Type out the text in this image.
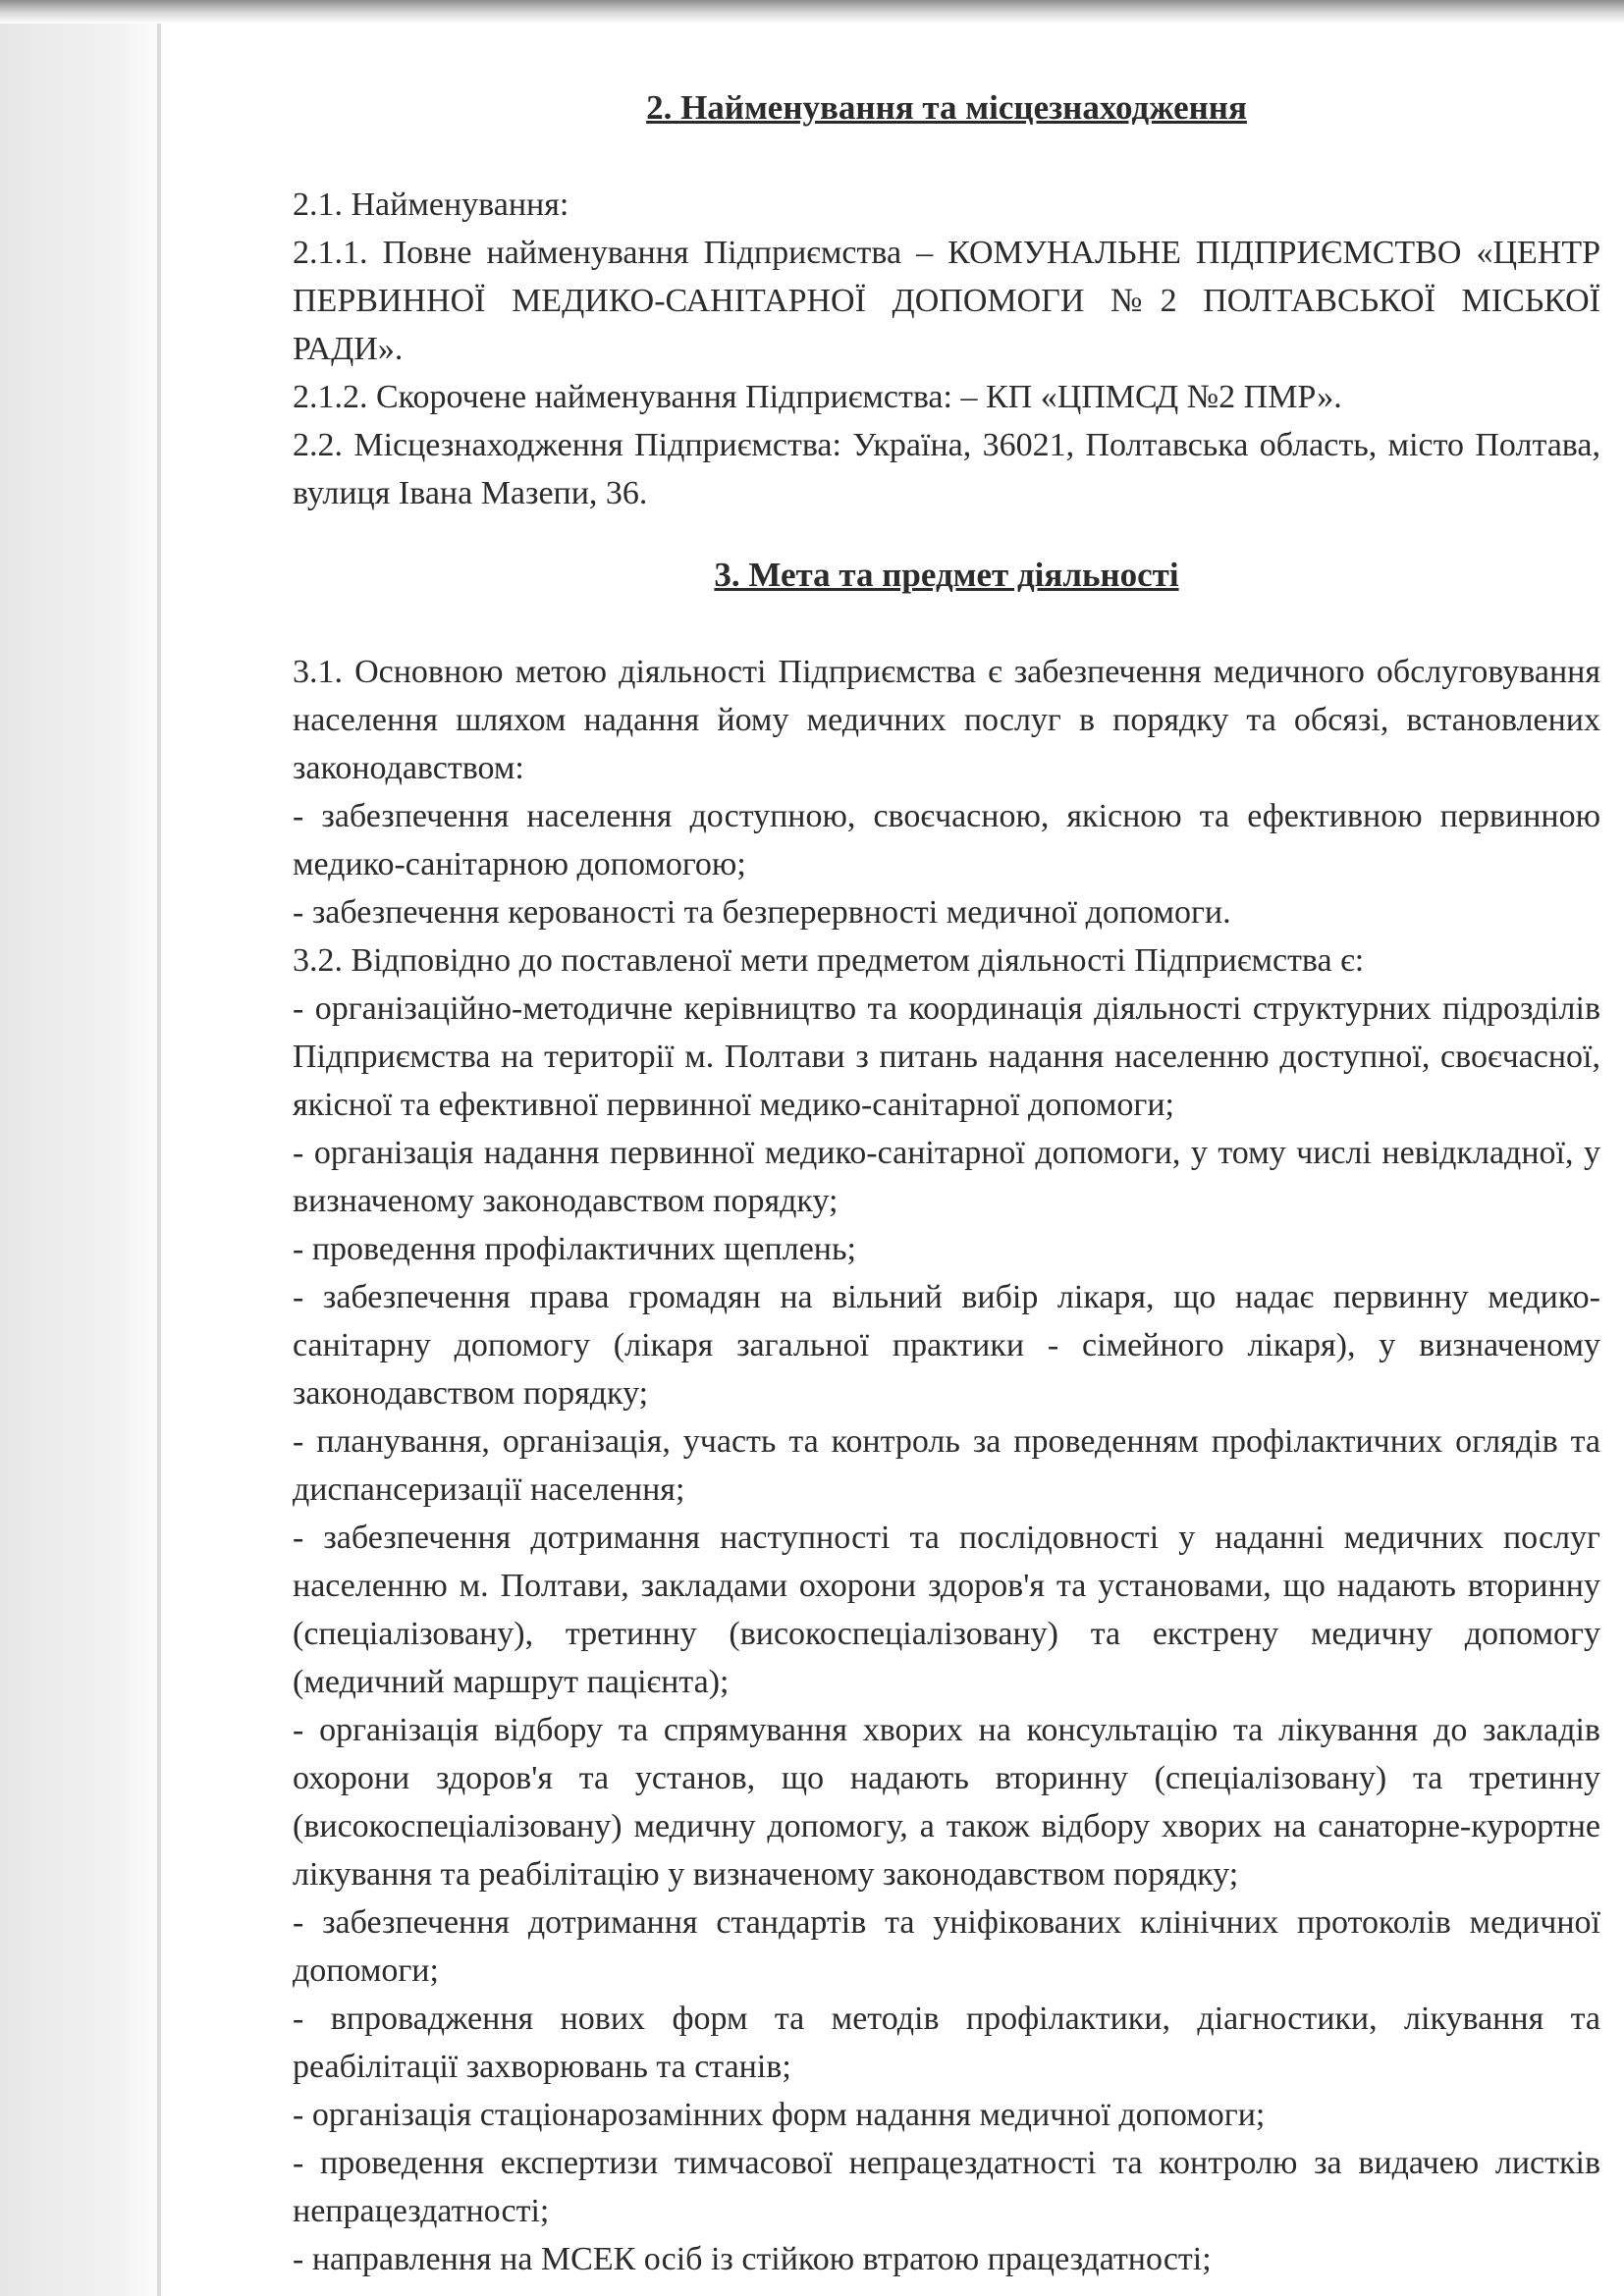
2. Найменування та місцезнаходження

2.1. Найменування:

2.1.1. Повне найменування Підприємства – КОМУНАЛЬНЕ ПІДПРИЄМСТВО «ЦЕНТР ПЕРВИННОЇ МЕДИКО-САНІТАРНОЇ ДОПОМОГИ №2 ПОЛТАВСЬКОЇ МІСЬКОЇ РАДИ».

2.1.2. Скорочене найменування Підприємства: – КП «ЦПМСД №2 ПМР».

2.2. Місцезнаходження Підприємства: Україна, 36021, Полтавська область, місто Полтава, вулиця Івана Мазепи, 36.

3. Мета та предмет діяльності

3.1. Основною метою діяльності Підприємства є забезпечення медичного обслуговування населення шляхом надання йому медичних послуг в порядку та обсязі, встановлених законодавством:

- забезпечення населення доступною, своєчасною, якісною та ефективною первинною медико-санітарною допомогою;

- забезпечення керованості та безперервності медичної допомоги.

3.2. Відповідно до поставленої мети предметом діяльності Підприємства є:

- організаційно-методичне керівництво та координація діяльності структурних підрозділів Підприємства на території м. Полтави з питань надання населенню доступної, своєчасної, якісної та ефективної первинної медико-санітарної допомоги;

- організація надання первинної медико-санітарної допомоги, у тому числі невідкладної, у визначеному законодавством порядку;

- проведення профілактичних щеплень;

- забезпечення права громадян на вільний вибір лікаря, що надає первинну медико-санітарну допомогу (лікаря загальної практики - сімейного лікаря), у визначеному законодавством порядку;

- планування, організація, участь та контроль за проведенням профілактичних оглядів та диспансеризації населення;

- забезпечення дотримання наступності та послідовності у наданні медичних послуг населенню м. Полтави, закладами охорони здоров'я та установами, що надають вторинну (спеціалізовану), третинну (високоспеціалізовану) та екстрену медичну допомогу (медичний маршрут пацієнта);

- організація відбору та спрямування хворих на консультацію та лікування до закладів охорони здоров'я та установ, що надають вторинну (спеціалізовану) та третинну (високоспеціалізовану) медичну допомогу, а також відбору хворих на санаторне-курортне лікування та реабілітацію у визначеному законодавством порядку;

- забезпечення дотримання стандартів та уніфікованих клінічних протоколів медичної допомоги;

- впровадження нових форм та методів профілактики, діагностики, лікування та реабілітації захворювань та станів;

- організація стаціонарозамінних форм надання медичної допомоги;

- проведення експертизи тимчасової непрацездатності та контролю за видачею листків непрацездатності;

- направлення на МСЕК осіб із стійкою втратою працездатності;
